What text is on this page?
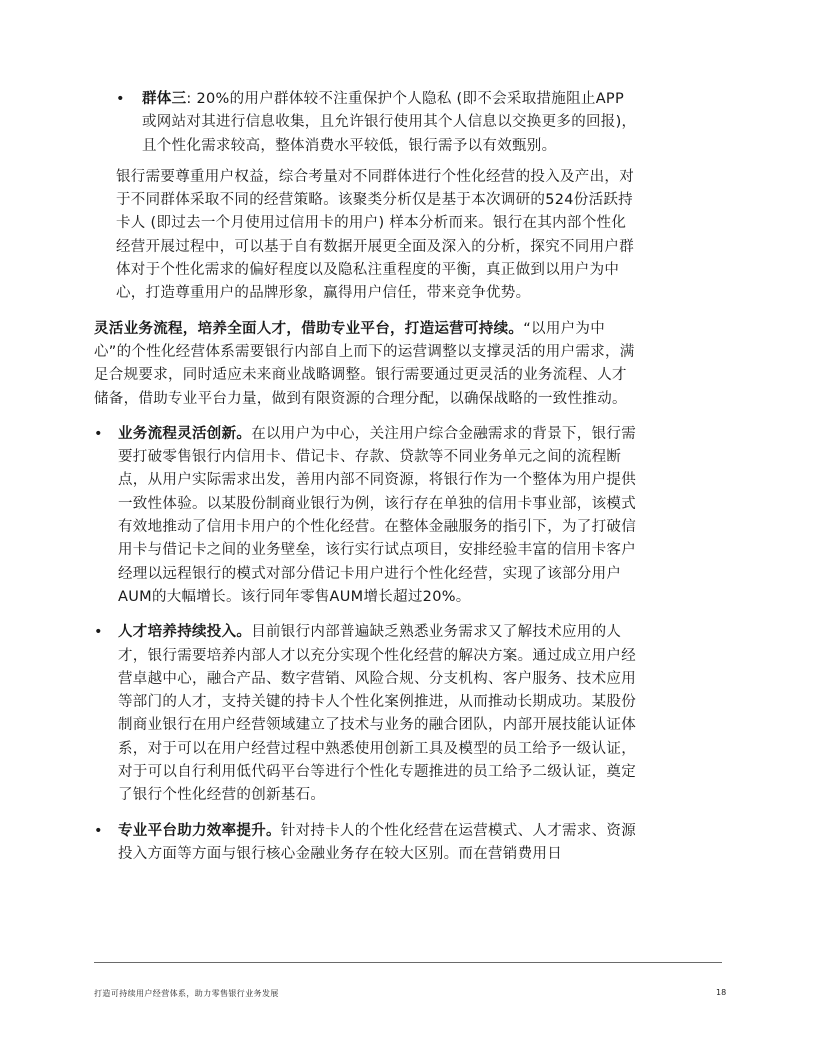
•	群体三: 20%的用户群体较不注重保护个人隐私 (即不会采取措施阻止APP或网站对其进行信息收集，且允许银行使用其个人信息以交换更多的回报)，且个性化需求较高，整体消费水平较低，银行需予以有效甄别。
银行需要尊重用户权益，综合考量对不同群体进行个性化经营的投入及产出，对于不同群体采取不同的经营策略。该聚类分析仅是基于本次调研的524份活跃持卡人 (即过去一个月使用过信用卡的用户) 样本分析而来。银行在其内部个性化经营开展过程中，可以基于自有数据开展更全面及深入的分析，探究不同用户群体对于个性化需求的偏好程度以及隐私注重程度的平衡，真正做到以用户为中心，打造尊重用户的品牌形象，赢得用户信任，带来竞争优势。
灵活业务流程，培养全面人才，借助专业平台，打造运营可持续。“以用户为中心”的个性化经营体系需要银行内部自上而下的运营调整以支撑灵活的用户需求，满足合规要求，同时适应未来商业战略调整。银行需要通过更灵活的业务流程、人才储备，借助专业平台力量，做到有限资源的合理分配，以确保战略的一致性推动。
•	业务流程灵活创新。在以用户为中心，关注用户综合金融需求的背景下，银行需要打破零售银行内信用卡、借记卡、存款、贷款等不同业务单元之间的流程断点，从用户实际需求出发，善用内部不同资源，将银行作为一个整体为用户提供一致性体验。以某股份制商业银行为例，该行存在单独的信用卡事业部，该模式有效地推动了信用卡用户的个性化经营。在整体金融服务的指引下，为了打破信用卡与借记卡之间的业务壁垒，该行实行试点项目，安排经验丰富的信用卡客户经理以远程银行的模式对部分借记卡用户进行个性化经营，实现了该部分用户AUM的大幅增长。该行同年零售AUM增长超过20%。
•	人才培养持续投入。目前银行内部普遍缺乏熟悉业务需求又了解技术应用的人才，银行需要培养内部人才以充分实现个性化经营的解决方案。通过成立用户经营卓越中心，融合产品、数字营销、风险合规、分支机构、客户服务、技术应用等部门的人才，支持关键的持卡人个性化案例推进，从而推动长期成功。某股份制商业银行在用户经营领域建立了技术与业务的融合团队，内部开展技能认证体系，对于可以在用户经营过程中熟悉使用创新工具及模型的员工给予一级认证，对于可以自行利用低代码平台等进行个性化专题推进的员工给予二级认证，奠定了银行个性化经营的创新基石。
•	专业平台助力效率提升。针对持卡人的个性化经营在运营模式、人才需求、资源投入方面等方面与银行核心金融业务存在较大区别。而在营销费用日
打造可持续用户经营体系，助力零售银行业务发展	18
